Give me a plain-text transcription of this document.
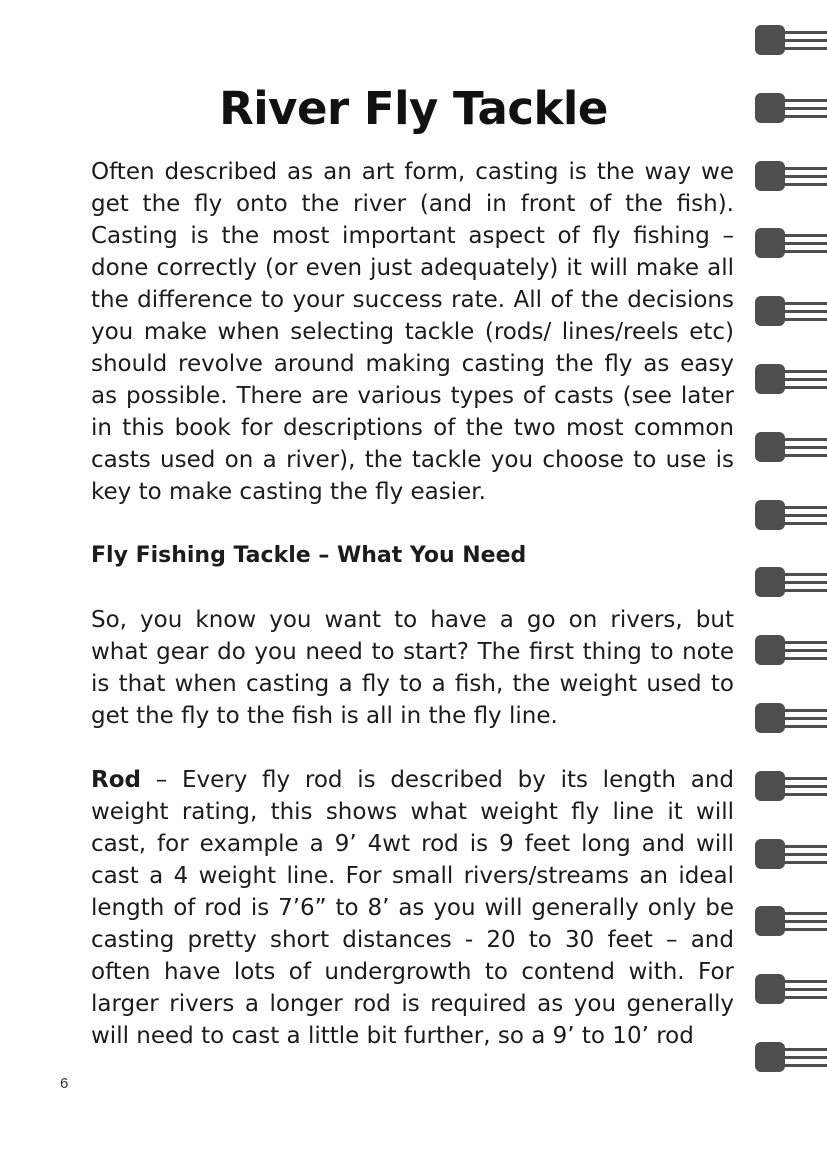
River Fly Tackle

Often described as an art form, casting is the way we get the fly onto the river (and in front of the fish). Casting is the most important aspect of fly fishing – done correctly (or even just adequately) it will make all the difference to your success rate. All of the decisions you make when selecting tackle (rods/ lines/reels etc) should revolve around making casting the fly as easy as possible. There are various types of casts (see later in this book for descriptions of the two most common casts used on a river), the tackle you choose to use is key to make casting the fly easier.

Fly Fishing Tackle – What You Need

So, you know you want to have a go on rivers, but what gear do you need to start? The first thing to note is that when casting a fly to a fish, the weight used to get the fly to the fish is all in the fly line.

Rod – Every fly rod is described by its length and weight rating, this shows what weight fly line it will cast, for example a 9’ 4wt rod is 9 feet long and will cast a 4 weight line. For small rivers/streams an ideal length of rod is 7’6” to 8’ as you will generally only be casting pretty short distances - 20 to 30 feet – and often have lots of undergrowth to contend with. For larger rivers a longer rod is required as you generally will need to cast a little bit further, so a 9’ to 10’ rod

6
